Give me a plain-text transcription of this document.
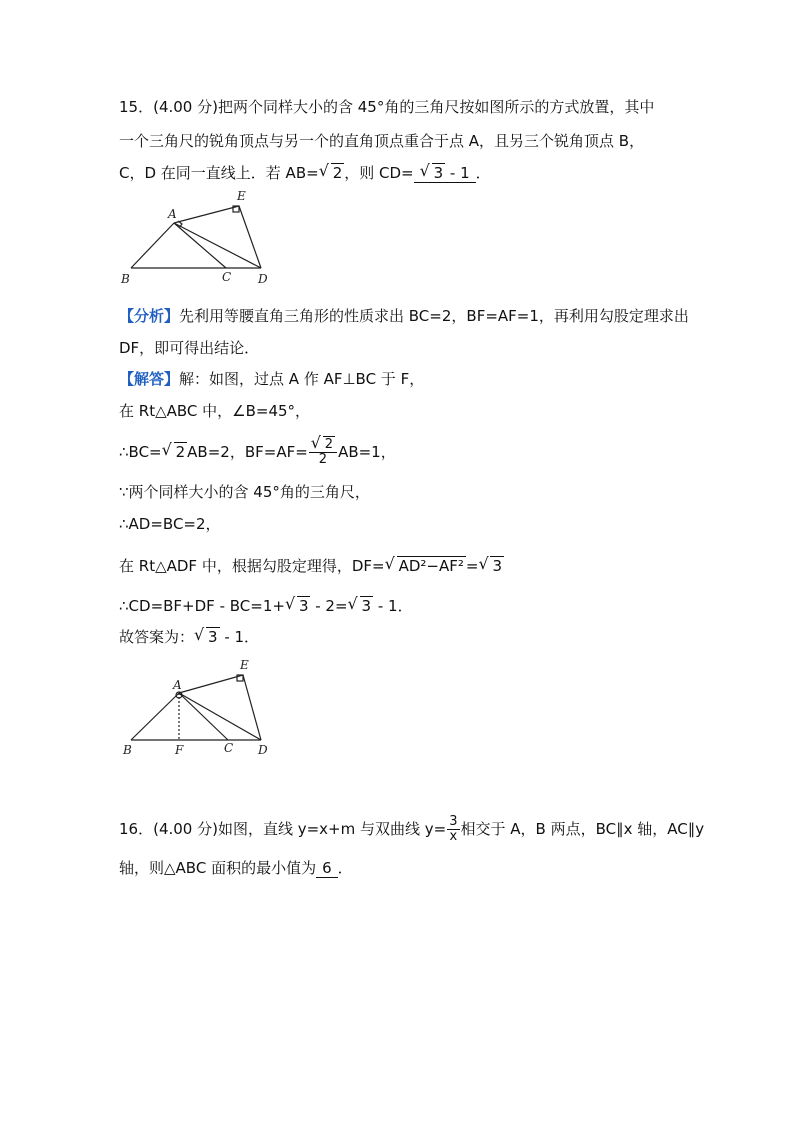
15．(4.00 分)把两个同样大小的含 45°角的三角尺按如图所示的方式放置，其中
一个三角尺的锐角顶点与另一个的直角顶点重合于点 A，且另三个锐角顶点 B，
C，D 在同一直线上．若 AB= √ 2 ，则 CD= √ 3 - 1 ．
A
E
B	C D
【分析】先利用等腰直角三角形的性质求出 BC=2，BF=AF=1，再利用勾股定理求出
DF，即可得出结论．
【解答】解：如图，过点 A 作 AF⊥BC 于 F，
在 Rt△ABC 中，∠B=45°，
∴BC= √ 2 AB=2，BF=AF= √ $\frac{2}{2} AB=1$，
∵两个同样大小的含 45°角的三角尺，
∴AD=BC=2，
在 Rt△ADF 中，根据勾股定理得，DF= √ AD²−AF² = √ 3
∴CD=BF+DF - BC=1+ √ 3 - 2= √ 3 - 1．
故答案为： √ 3 - 1．
A
E
B	F	C D
16．(4.00 分)如图，直线 y=x+m 与双曲线 $y= \frac{3}{x}$ 相交于 A，B 两点，BC∥x 轴，AC∥y
轴，则△ABC 面积的最小值为 6 ．
